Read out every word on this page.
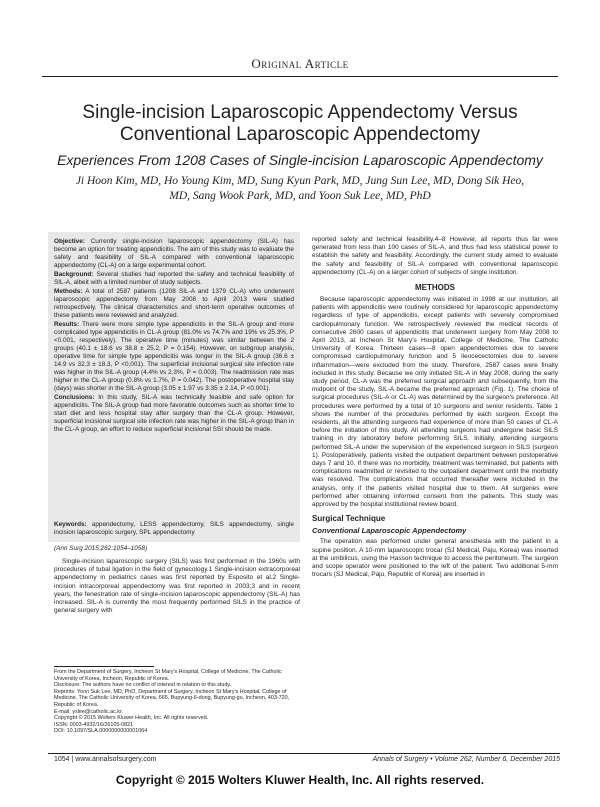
Original Article
Single-incision Laparoscopic Appendectomy Versus Conventional Laparoscopic Appendectomy
Experiences From 1208 Cases of Single-incision Laparoscopic Appendectomy
Ji Hoon Kim, MD, Ho Young Kim, MD, Sung Kyun Park, MD, Jung Sun Lee, MD, Dong Sik Heo, MD, Sang Wook Park, MD, and Yoon Suk Lee, MD, PhD

Objective: Currently single-incision laparoscopic appendectomy (SIL-A) has become an option for treating appendicitis. The aim of this study was to evaluate the safety and feasibility of SIL-A compared with conventional laparoscopic appendectomy (CL-A) on a large experimental cohort.

Background: Several studies had reported the safety and technical feasibility of SIL-A, albeit with a limited number of study subjects.

Methods: A total of 2587 patients (1208 SIL-A and 1379 CL-A) who underwent laparoscopic appendectomy from May 2008 to April 2013 were studied retrospectively. The clinical characteristics and short-term operative outcomes of these patients were reviewed and analyzed.

Results: There were more simple type appendicitis in the SIL-A group and more complicated type appendicitis in CL-A group (81.0% vs 74.7% and 19% vs 25.3%, P <0.001, respectively). The operative time (minutes) was similar between the 2 groups (40.1 ± 18.6 vs 38.8 ± 25.2, P = 0.154). However, on subgroup analysis, operative time for simple type appendicitis was longer in the SIL-A group (36.6 ± 14.9 vs 32.3 ± 18.3, P <0.001). The superficial incisional surgical site infection rate was higher in the SIL-A group (4.4% vs 2.3%, P = 0.003). The readmission rate was higher in the CL-A group (0.8% vs 1.7%, P = 0.042). The postoperative hospital stay (days) was shorter in the SIL-A group (3.05 ± 1.97 vs 3.35 ± 2.14, P <0.001).

Conclusions: In this study, SIL-A was technically feasible and safe option for appendicitis. The SIL-A group had more favorable outcomes such as shorter time to start diet and less hospital stay after surgery than the CL-A group. However, superficial incisional surgical site infection rate was higher in the SIL-A group than in the CL-A group, an effort to reduce superficial incisional SSI should be made.

Keywords: appendectomy, LESS appendectomy, SILS appendectomy, single incision laparoscopic surgery, SPL appendectomy

(Ann Surg 2015;262:1054–1058)

Single-incision laparoscopic surgery (SILS) was first performed in the 1960s with procedures of tubal ligation in the field of gynecology.1 Single-incision extracorporeal appendectomy in pediatrics cases was first reported by Esposito et al.2 Single-incision intracorporeal appendectomy was first reported in 2003;3 and in recent years, the fenestration rate of single-incision laparoscopic appendectomy (SIL-A) has increased. SIL-A is currently the most frequently performed SILS in the practice of general surgery with

reported safety and technical feasibility.4–8 However, all reports thus far were generated from less than 100 cases of SIL-A, and thus had less statistical power to establish the safety and feasibility. Accordingly, the current study aimed to evaluate the safety and feasibility of SIL-A compared with conventional laparoscopic appendectomy (CL-A) on a larger cohort of subjects of single institution.

METHODS

Because laparoscopic appendectomy was initiated in 1998 at our institution, all patients with appendicitis were routinely considered for laparoscopic appendectomy regardless of type of appendicitis, except patients with severely compromised cardiopulmonary function. We retrospectively reviewed the medical records of consecutive 2600 cases of appendicitis that underwent surgery from May 2008 to April 2013, at Incheon St Mary's Hospital, College of Medicine, The Catholic University of Korea. Thirteen cases—8 open appendectomies due to severe compromised cardiopulmonary function and 5 ileocecectomies due to severe inflammation—were excluded from the study. Therefore, 2587 cases were finally included in this study. Because we only initiated SIL-A in May 2008, during the early study period, CL-A was the preferred surgical approach and subsequently, from the midpoint of the study, SIL-A became the preferred approach (Fig. 1). The choice of surgical procedures (SIL-A or CL-A) was determined by the surgeon's preference. All procedures were performed by a total of 10 surgeons and senior residents. Table 1 shows the number of the procedures performed by each surgeon. Except the residents, all the attending surgeons had experience of more than 50 cases of CL-A before the initiation of this study. All attending surgeons had undergone basic SILS training in dry laboratory before performing SILS. Initially, attending surgeons performed SIL-A under the supervision of the experienced surgeon in SILS (surgeon 1). Postoperatively, patients visited the outpatient department between postoperative days 7 and 10. If there was no morbidity, treatment was terminated, but patients with complications readmitted or revisited to the outpatient department until the morbidity was resolved. The complications that occurred thereafter were included in the analysis, only if the patients visited hospital due to them. All surgeries were performed after obtaining informed consent from the patients. This study was approved by the hospital institutional review board.

Surgical Technique
Conventional Laparoscopic Appendectomy

The operation was performed under general anesthesia with the patient in a supine position. A 10-mm laparoscopic trocar (SJ Medical, Paju, Korea) was inserted at the umbilicus, using the Hasson technique to access the peritoneum. The surgeon and scope operator were positioned to the left of the patient. Two additional 5-mm trocars (SJ Medical, Paju, Republic of Korea) are inserted in

From the Department of Surgery, Incheon St Mary's Hospital, College of Medicine, The Catholic University of Korea, Incheon, Republic of Korea.

Disclosure: The authors have no conflict of interest in relation to this study.

Reprints: Yoon Suk Lee, MD, PhD, Department of Surgery, Incheon St Mary's Hospital, College of Medicine, The Catholic University of Korea, 665, Bupyung-6-dong, Bupyung-gu, Incheon, 403-720, Republic of Korea.

E-mail: yslee@catholic.ac.kr.

Copyright © 2015 Wolters Kluwer Health, Inc. All rights reserved.

ISSN: 0003-4932/16/26105-0821

DOI: 10.1097/SLA.0000000000001064

1054 | www.annalsofsurgery.com	Annals of Surgery • Volume 262, Number 6, December 2015
Copyright © 2015 Wolters Kluwer Health, Inc. All rights reserved.
